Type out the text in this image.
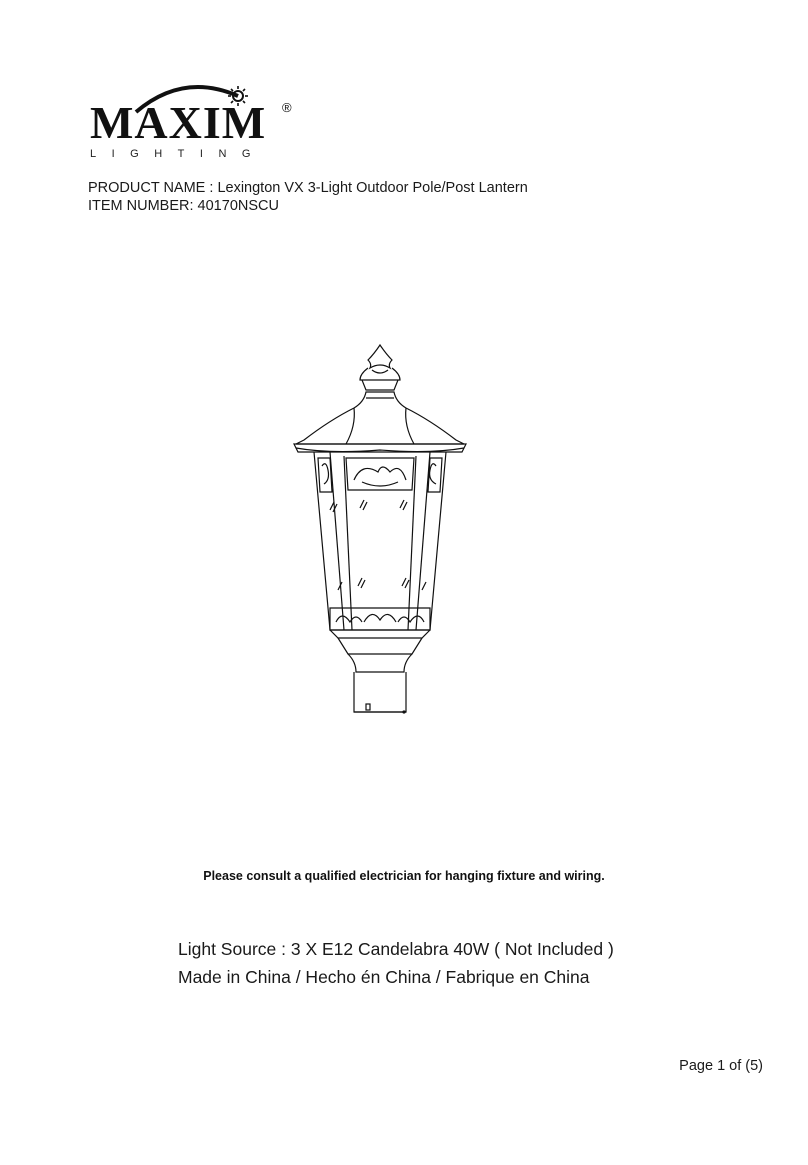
MAXIM ®
LIGHTING
PRODUCT NAME : Lexington VX 3-Light Outdoor Pole/Post Lantern
ITEM NUMBER: 40170NSCU
Please consult a qualified electrician for hanging fixture and wiring.
Light Source : 3 X E12 Candelabra 40W ( Not Included )
Made in China / Hecho én China / Fabrique en China
Page 1 of (5)
